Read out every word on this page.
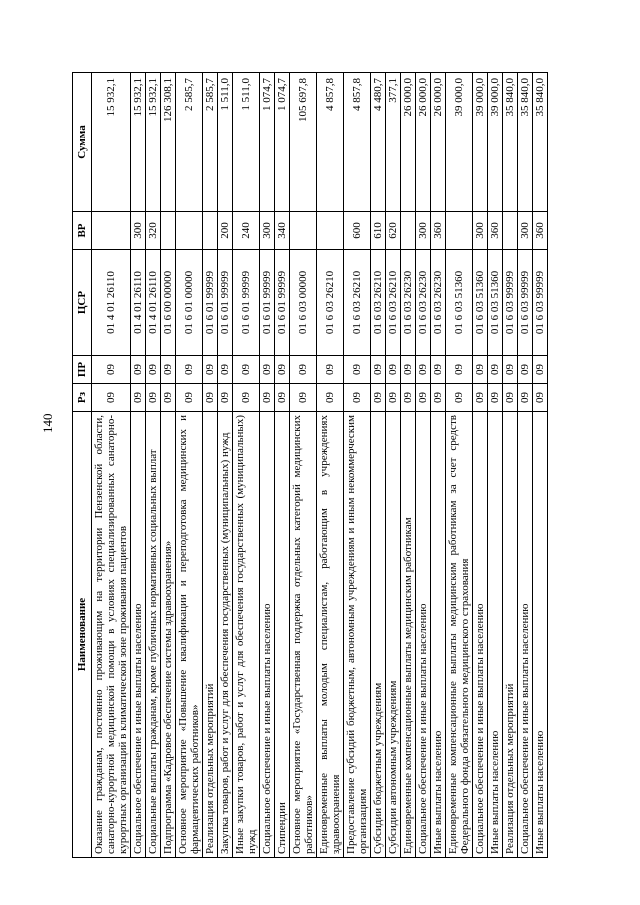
140
Наименование	Рз	ПР	ЦСР	ВР	Сумма
Оказание гражданам, постоянно проживающим на территории Пензенской области, санаторно-курортной медицинской помощи в условиях специализированных санаторно-курортных организаций в климатической зоне проживания пациентов	09	09	01 4 01 26110		15 932,1
Социальное обеспечение и иные выплаты населению	09	09	01 4 01 26110	300	15 932,1
Социальные выплаты гражданам, кроме публичных нормативных социальных выплат	09	09	01 4 01 26110	320	15 932,1
Подпрограмма «Кадровое обеспечение системы здравоохранения»	09	09	01 6 00 00000		126 308,1
Основное мероприятие «Повышение квалификации и переподготовка медицинских и фармацевтических работников»	09	09	01 6 01 00000		2 585,7
Реализация отдельных мероприятий	09	09	01 6 01 99999		2 585,7
Закупка товаров, работ и услуг для обеспечения государственных (муниципальных) нужд	09	09	01 6 01 99999	200	1 511,0
Иные закупки товаров, работ и услуг для обеспечения государственных (муниципальных) нужд	09	09	01 6 01 99999	240	1 511,0
Социальное обеспечение и иные выплаты населению	09	09	01 6 01 99999	300	1 074,7
Стипендии	09	09	01 6 01 99999	340	1 074,7
Основное мероприятие «Государственная поддержка отдельных категорий медицинских работников»	09	09	01 6 03 00000		105 697,8
Единовременные выплаты молодым специалистам, работающим в учреждениях здравоохранения	09	09	01 6 03 26210		4 857,8
Предоставление субсидий бюджетным, автономным учреждениям и иным некоммерческим организациям	09	09	01 6 03 26210	600	4 857,8
Субсидии бюджетным учреждениям	09	09	01 6 03 26210	610	4 480,7
Субсидии автономным учреждениям	09	09	01 6 03 26210	620	377,1
Единовременные компенсационные выплаты медицинским работникам	09	09	01 6 03 26230		26 000,0
Социальное обеспечение и иные выплаты населению	09	09	01 6 03 26230	300	26 000,0
Иные выплаты населению	09	09	01 6 03 26230	360	26 000,0
Единовременные компенсационные выплаты медицинским работникам за счет средств Федерального фонда обязательного медицинского страхования	09	09	01 6 03 51360		39 000,0
Социальное обеспечение и иные выплаты населению	09	09	01 6 03 51360	300	39 000,0
Иные выплаты населению	09	09	01 6 03 51360	360	39 000,0
Реализация отдельных мероприятий	09	09	01 6 03 99999		35 840,0
Социальное обеспечение и иные выплаты населению	09	09	01 6 03 99999	300	35 840,0
Иные выплаты населению	09	09	01 6 03 99999	360	35 840,0
